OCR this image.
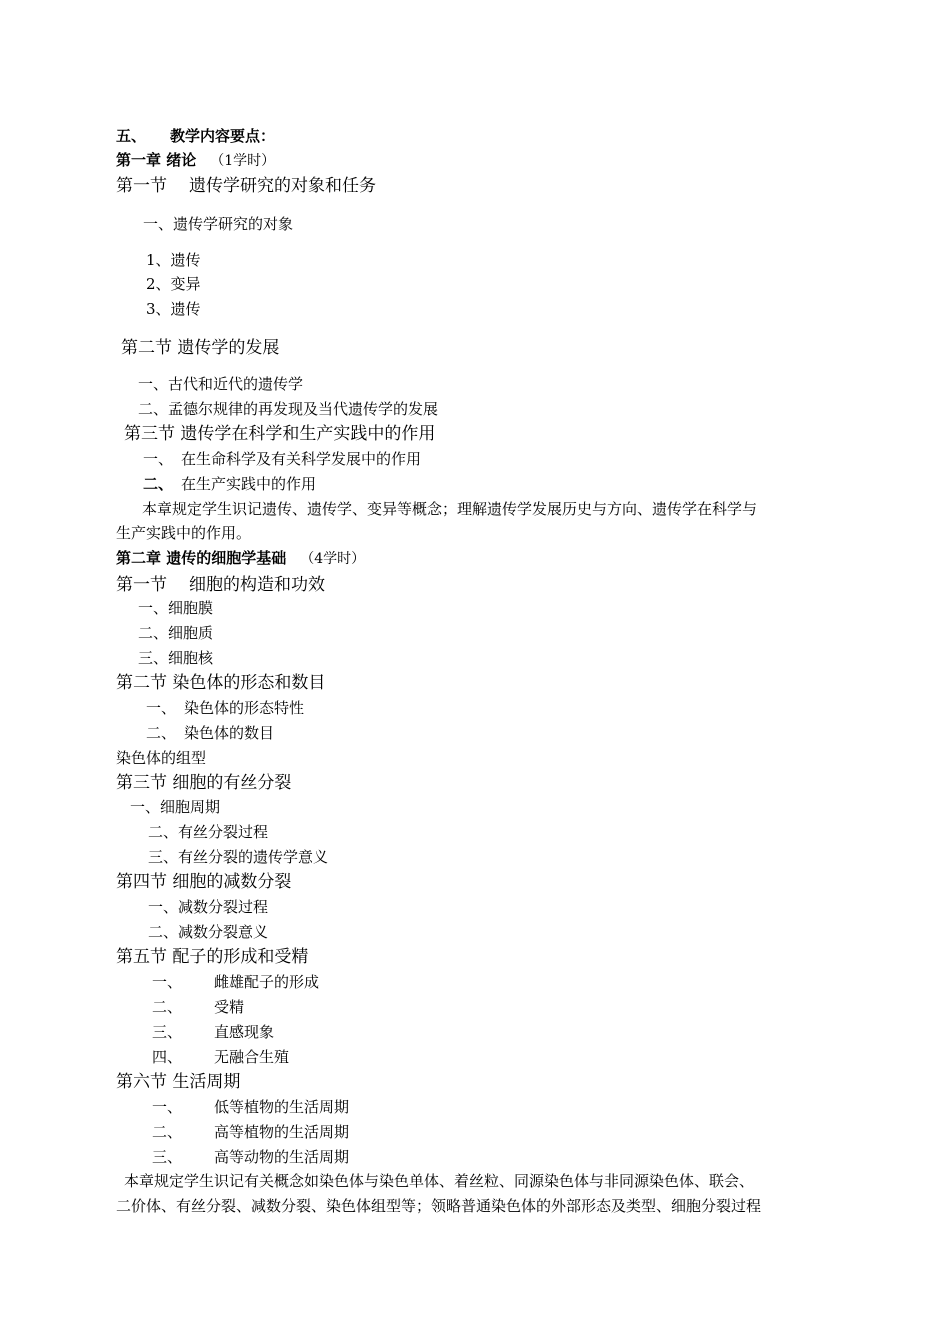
五、 教学内容要点：
第一章 绪论 （1学时）
第一节 遗传学研究的对象和任务
一、遗传学研究的对象
1、遗传
2、变异
3、遗传
第二节 遗传学的发展
一、古代和近代的遗传学
二、孟德尔规律的再发现及当代遗传学的发展
第三节 遗传学在科学和生产实践中的作用
一、 在生命科学及有关科学发展中的作用
二、 在生产实践中的作用
本章规定学生识记遗传、遗传学、变异等概念；理解遗传学发展历史与方向、遗传学在科学与
生产实践中的作用。
第二章 遗传的细胞学基础 （4学时）
第一节 细胞的构造和功效
一、细胞膜
二、细胞质
三、细胞核
第二节 染色体的形态和数目
一、 染色体的形态特性
二、 染色体的数目
染色体的组型
第三节 细胞的有丝分裂
一、细胞周期
二、有丝分裂过程
三、有丝分裂的遗传学意义
第四节 细胞的减数分裂
一、减数分裂过程
二、减数分裂意义
第五节 配子的形成和受精
一、 雌雄配子的形成
二、 受精
三、 直感现象
四、 无融合生殖
第六节 生活周期
一、 低等植物的生活周期
二、 高等植物的生活周期
三、 高等动物的生活周期
本章规定学生识记有关概念如染色体与染色单体、着丝粒、同源染色体与非同源染色体、联会、
二价体、有丝分裂、减数分裂、染色体组型等；领略普通染色体的外部形态及类型、细胞分裂过程
